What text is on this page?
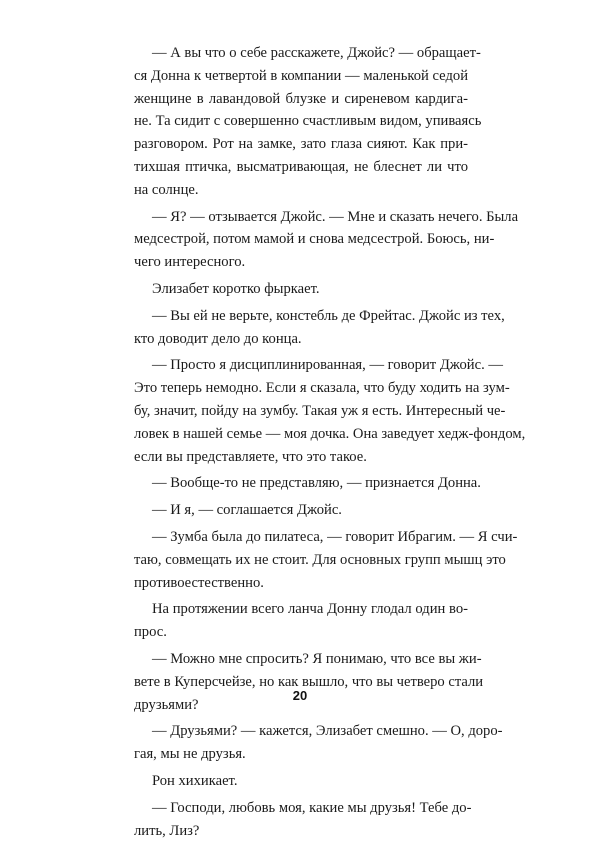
— А вы что о себе расскажете, Джойс? — обращает-
ся Донна к четвертой в компании — маленькой седой
женщине в лавандовой блузке и сиреневом кардига-
не. Та сидит с совершенно счастливым видом, упиваясь
разговором. Рот на замке, зато глаза сияют. Как при-
тихшая птичка, высматривающая, не блеснет ли что
на солнце.
— Я? — отзывается Джойс. — Мне и сказать нечего. Была
медсестрой, потом мамой и снова медсестрой. Боюсь, ни-
чего интересного.
Элизабет коротко фыркает.
— Вы ей не верьте, констебль де Фрейтас. Джойс из тех,
кто доводит дело до конца.
— Просто я дисциплинированная, — говорит Джойс. —
Это теперь немодно. Если я сказала, что буду ходить на зум-
бу, значит, пойду на зумбу. Такая уж я есть. Интересный че-
ловек в нашей семье — моя дочка. Она заведует хедж-фондом,
если вы представляете, что это такое.
— Вообще-то не представляю, — признается Донна.
— И я, — соглашается Джойс.
— Зумба была до пилатеса, — говорит Ибрагим. — Я счи-
таю, совмещать их не стоит. Для основных групп мышц это
противоестественно.
На протяжении всего ланча Донну глодал один во-
прос.
— Можно мне спросить? Я понимаю, что все вы жи-
вете в Куперсчейзе, но как вышло, что вы четверо стали
друзьями?
— Друзьями? — кажется, Элизабет смешно. — О, доро-
гая, мы не друзья.
Рон хихикает.
— Господи, любовь моя, какие мы друзья! Тебе до-
лить, Лиз?
20
